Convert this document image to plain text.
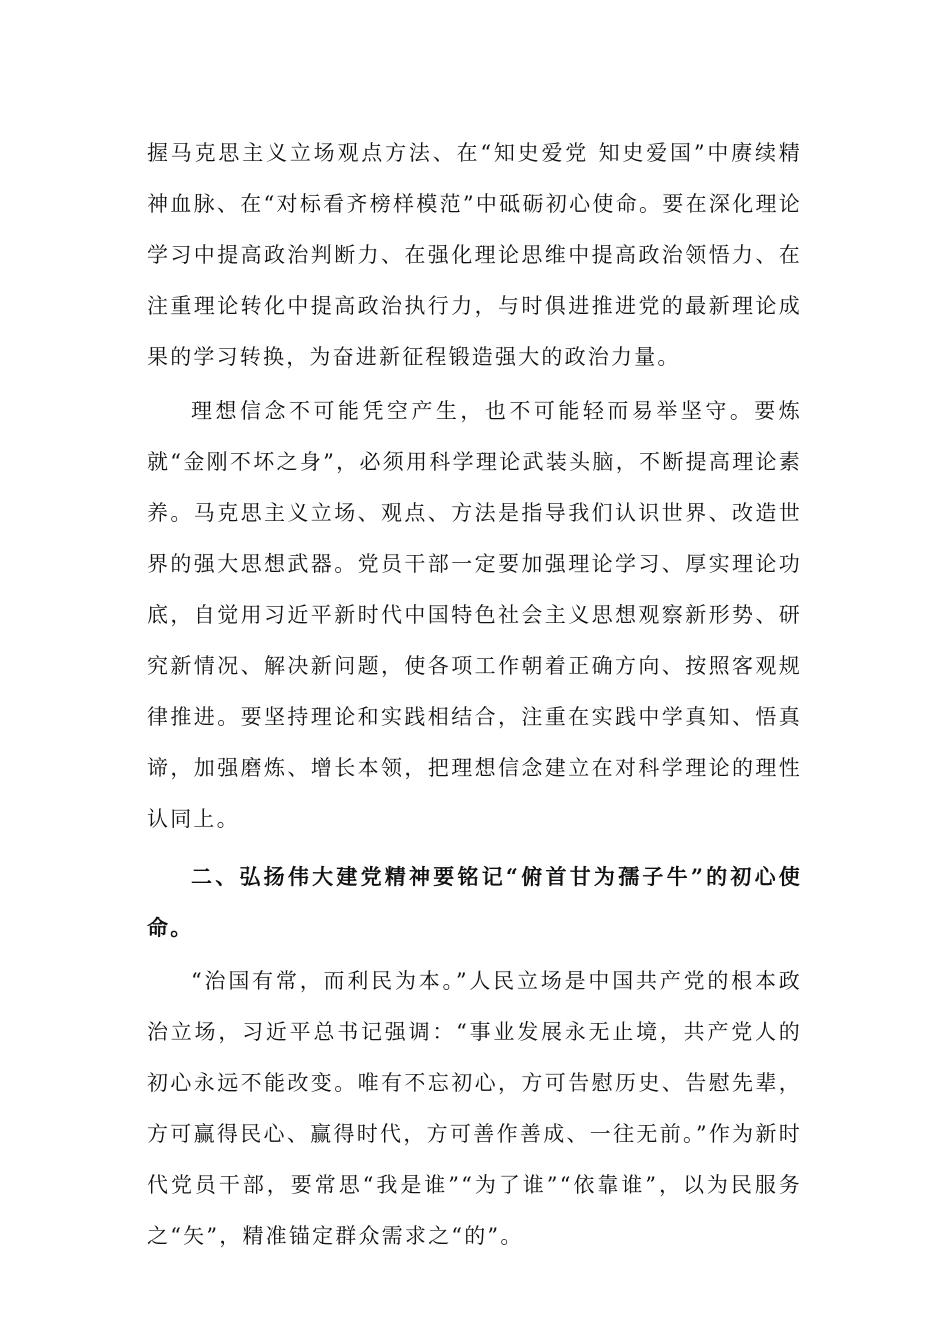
握马克思主义立场观点方法、在“知史爱党 知史爱国”中赓续精神血脉、在“对标看齐榜样模范”中砥砺初心使命。要在深化理论学习中提高政治判断力、在强化理论思维中提高政治领悟力、在注重理论转化中提高政治执行力，与时俱进推进党的最新理论成果的学习转换，为奋进新征程锻造强大的政治力量。

理想信念不可能凭空产生，也不可能轻而易举坚守。要炼就“金刚不坏之身”，必须用科学理论武装头脑，不断提高理论素养。马克思主义立场、观点、方法是指导我们认识世界、改造世界的强大思想武器。党员干部一定要加强理论学习、厚实理论功底，自觉用习近平新时代中国特色社会主义思想观察新形势、研究新情况、解决新问题，使各项工作朝着正确方向、按照客观规律推进。要坚持理论和实践相结合，注重在实践中学真知、悟真谛，加强磨炼、增长本领，把理想信念建立在对科学理论的理性认同上。

二、弘扬伟大建党精神要铭记“俯首甘为孺子牛”的初心使命。

“治国有常，而利民为本。”人民立场是中国共产党的根本政治立场，习近平总书记强调：“事业发展永无止境，共产党人的初心永远不能改变。唯有不忘初心，方可告慰历史、告慰先辈，方可赢得民心、赢得时代，方可善作善成、一往无前。”作为新时代党员干部，要常思“我是谁”“为了谁”“依靠谁”，以为民服务之“矢”，精准锚定群众需求之“的”。
